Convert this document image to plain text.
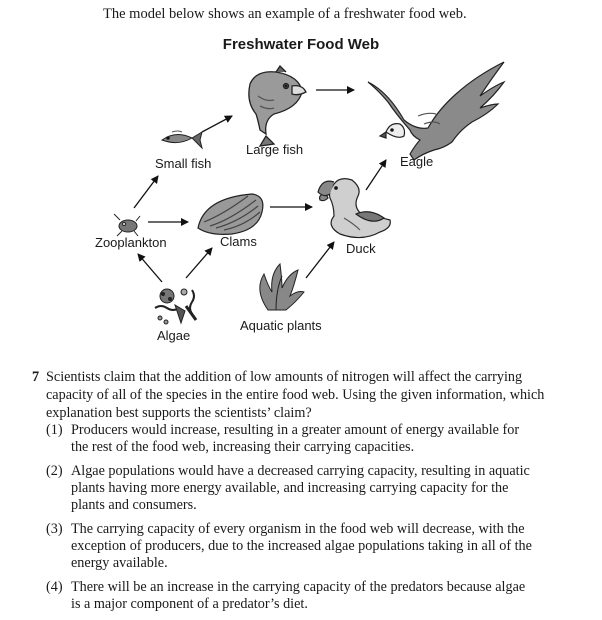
The model below shows an example of a freshwater food web.
Freshwater Food Web
Algae
Aquatic plants
Zooplankton	Clams
Small fish
Large fish
Duck
Eagle
7 Scientists claim that the addition of low amounts of nitrogen will affect the carrying capacity of all of the species in the entire food web. Using the given information, which explanation best supports the scientists’ claim?
(1) Producers would increase, resulting in a greater amount of energy available for the rest of the food web, increasing their carrying capacities.
(2) Algae populations would have a decreased carrying capacity, resulting in aquatic plants having more energy available, and increasing carrying capacity for the plants and consumers.
(3) The carrying capacity of every organism in the food web will decrease, with the exception of producers, due to the increased algae populations taking in all of the energy available.
(4) There will be an increase in the carrying capacity of the predators because algae is a major component of a predator’s diet.
